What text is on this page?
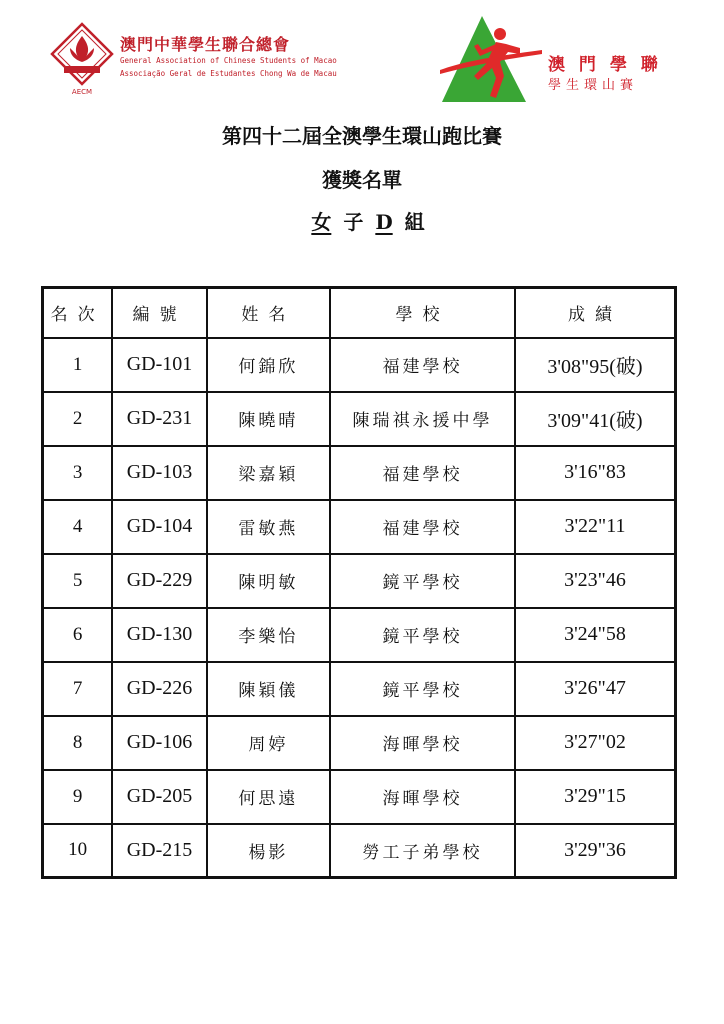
AECM
澳門中華學生聯合總會
General Association of Chinese Students of Macao
Associação Geral de Estudantes Chong Wa de Macau	澳 門 學 聯
學生環山賽
第四十二屆全澳學生環山跑比賽
獲獎名單
女 子 D 組
名次	編號	姓名	學校	成績
1	GD-101	何錦欣	福建學校	3'08"95(破)
2	GD-231	陳曉晴	陳瑞祺永援中學	3'09"41(破)
3	GD-103	梁嘉穎	福建學校	3'16"83
4	GD-104	雷敏燕	福建學校	3'22"11
5	GD-229	陳明敏	鏡平學校	3'23"46
6	GD-130	李樂怡	鏡平學校	3'24"58
7	GD-226	陳穎儀	鏡平學校	3'26"47
8	GD-106	周婷	海暉學校	3'27"02
9	GD-205	何思遠	海暉學校	3'29"15
10	GD-215	楊影	勞工子弟學校	3'29"36
